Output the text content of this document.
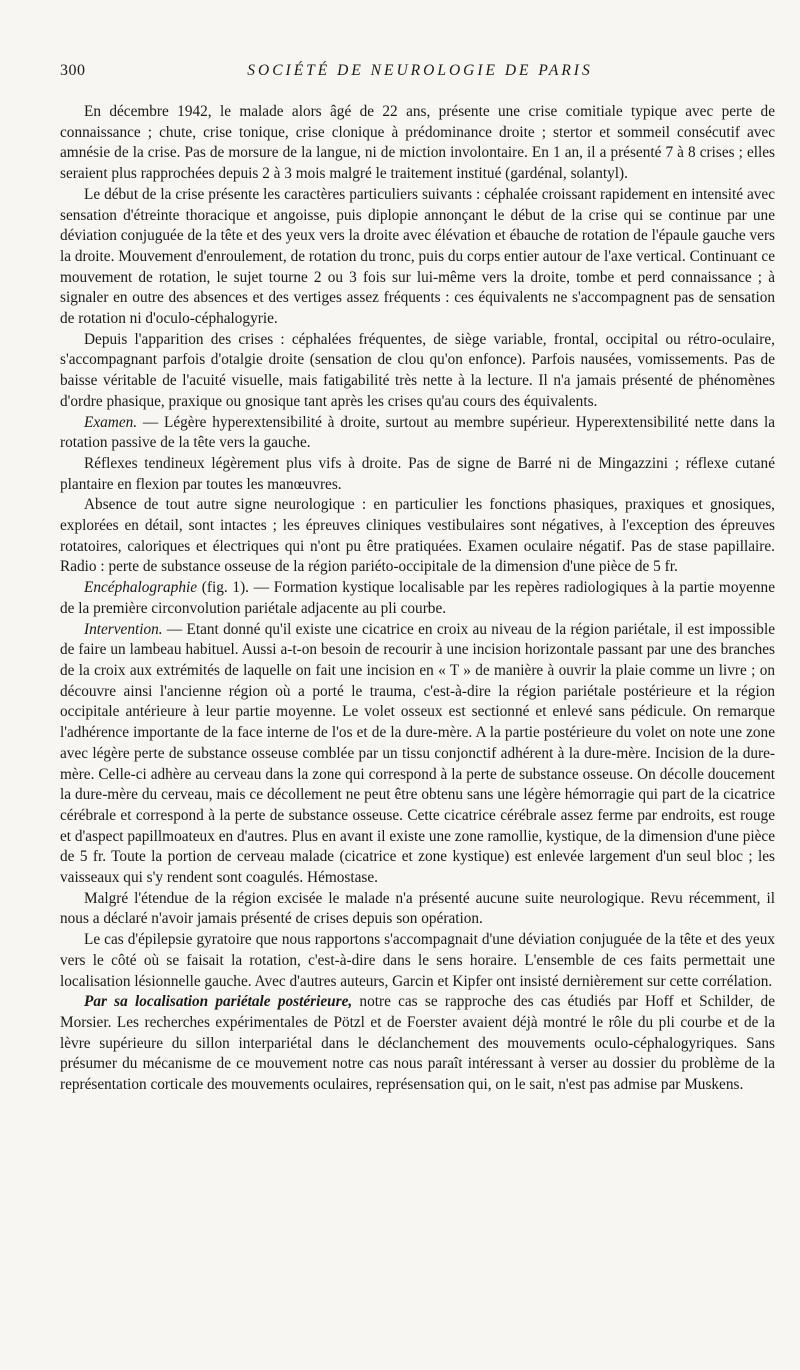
300	SOCIÉTÉ DE NEUROLOGIE DE PARIS

En décembre 1942, le malade alors âgé de 22 ans, présente une crise comitiale typique avec perte de connaissance ; chute, crise tonique, crise clonique à prédominance droite ; stertor et sommeil consécutif avec amnésie de la crise. Pas de morsure de la langue, ni de miction involontaire. En 1 an, il a présenté 7 à 8 crises ; elles seraient plus rapprochées depuis 2 à 3 mois malgré le traitement institué (gardénal, solantyl).

Le début de la crise présente les caractères particuliers suivants : céphalée croissant rapidement en intensité avec sensation d'étreinte thoracique et angoisse, puis diplopie annonçant le début de la crise qui se continue par une déviation conjuguée de la tête et des yeux vers la droite avec élévation et ébauche de rotation de l'épaule gauche vers la droite. Mouvement d'enroulement, de rotation du tronc, puis du corps entier autour de l'axe vertical. Continuant ce mouvement de rotation, le sujet tourne 2 ou 3 fois sur lui-même vers la droite, tombe et perd connaissance ; à signaler en outre des absences et des vertiges assez fréquents : ces équivalents ne s'accompagnent pas de sensation de rotation ni d'oculo-céphalogyrie.

Depuis l'apparition des crises : céphalées fréquentes, de siège variable, frontal, occipital ou rétro-oculaire, s'accompagnant parfois d'otalgie droite (sensation de clou qu'on enfonce). Parfois nausées, vomissements. Pas de baisse véritable de l'acuité visuelle, mais fatigabilité très nette à la lecture. Il n'a jamais présenté de phénomènes d'ordre phasique, praxique ou gnosique tant après les crises qu'au cours des équivalents.

Examen. — Légère hyperextensibilité à droite, surtout au membre supérieur. Hyperextensibilité nette dans la rotation passive de la tête vers la gauche.

Réflexes tendineux légèrement plus vifs à droite. Pas de signe de Barré ni de Mingazzini ; réflexe cutané plantaire en flexion par toutes les manœuvres.

Absence de tout autre signe neurologique : en particulier les fonctions phasiques, praxiques et gnosiques, explorées en détail, sont intactes ; les épreuves cliniques vestibulaires sont négatives, à l'exception des épreuves rotatoires, caloriques et électriques qui n'ont pu être pratiquées. Examen oculaire négatif. Pas de stase papillaire. Radio : perte de substance osseuse de la région pariéto-occipitale de la dimension d'une pièce de 5 fr.

Encéphalographie (fig. 1). — Formation kystique localisable par les repères radiologiques à la partie moyenne de la première circonvolution pariétale adjacente au pli courbe.

Intervention. — Etant donné qu'il existe une cicatrice en croix au niveau de la région pariétale, il est impossible de faire un lambeau habituel. Aussi a-t-on besoin de recourir à une incision horizontale passant par une des branches de la croix aux extrémités de laquelle on fait une incision en « T » de manière à ouvrir la plaie comme un livre ; on découvre ainsi l'ancienne région où a porté le trauma, c'est-à-dire la région pariétale postérieure et la région occipitale antérieure à leur partie moyenne. Le volet osseux est sectionné et enlevé sans pédicule. On remarque l'adhérence importante de la face interne de l'os et de la dure-mère. A la partie postérieure du volet on note une zone avec légère perte de substance osseuse comblée par un tissu conjonctif adhérent à la dure-mère. Incision de la dure-mère. Celle-ci adhère au cerveau dans la zone qui correspond à la perte de substance osseuse. On décolle doucement la dure-mère du cerveau, mais ce décollement ne peut être obtenu sans une légère hémorragie qui part de la cicatrice cérébrale et correspond à la perte de substance osseuse. Cette cicatrice cérébrale assez ferme par endroits, est rouge et d'aspect papillmoateux en d'autres. Plus en avant il existe une zone ramollie, kystique, de la dimension d'une pièce de 5 fr. Toute la portion de cerveau malade (cicatrice et zone kystique) est enlevée largement d'un seul bloc ; les vaisseaux qui s'y rendent sont coagulés. Hémostase.

Malgré l'étendue de la région excisée le malade n'a présenté aucune suite neurologique. Revu récemment, il nous a déclaré n'avoir jamais présenté de crises depuis son opération.

Le cas d'épilepsie gyratoire que nous rapportons s'accompagnait d'une déviation conjuguée de la tête et des yeux vers le côté où se faisait la rotation, c'est-à-dire dans le sens horaire. L'ensemble de ces faits permettait une localisation lésionnelle gauche. Avec d'autres auteurs, Garcin et Kipfer ont insisté dernièrement sur cette corrélation.

Par sa localisation pariétale postérieure, notre cas se rapproche des cas étudiés par Hoff et Schilder, de Morsier. Les recherches expérimentales de Pötzl et de Foerster avaient déjà montré le rôle du pli courbe et de la lèvre supérieure du sillon interpariétal dans le déclanchement des mouvements oculo-céphalogyriques. Sans présumer du mécanisme de ce mouvement notre cas nous paraît intéressant à verser au dossier du problème de la représentation corticale des mouvements oculaires, représensation qui, on le sait, n'est pas admise par Muskens.
